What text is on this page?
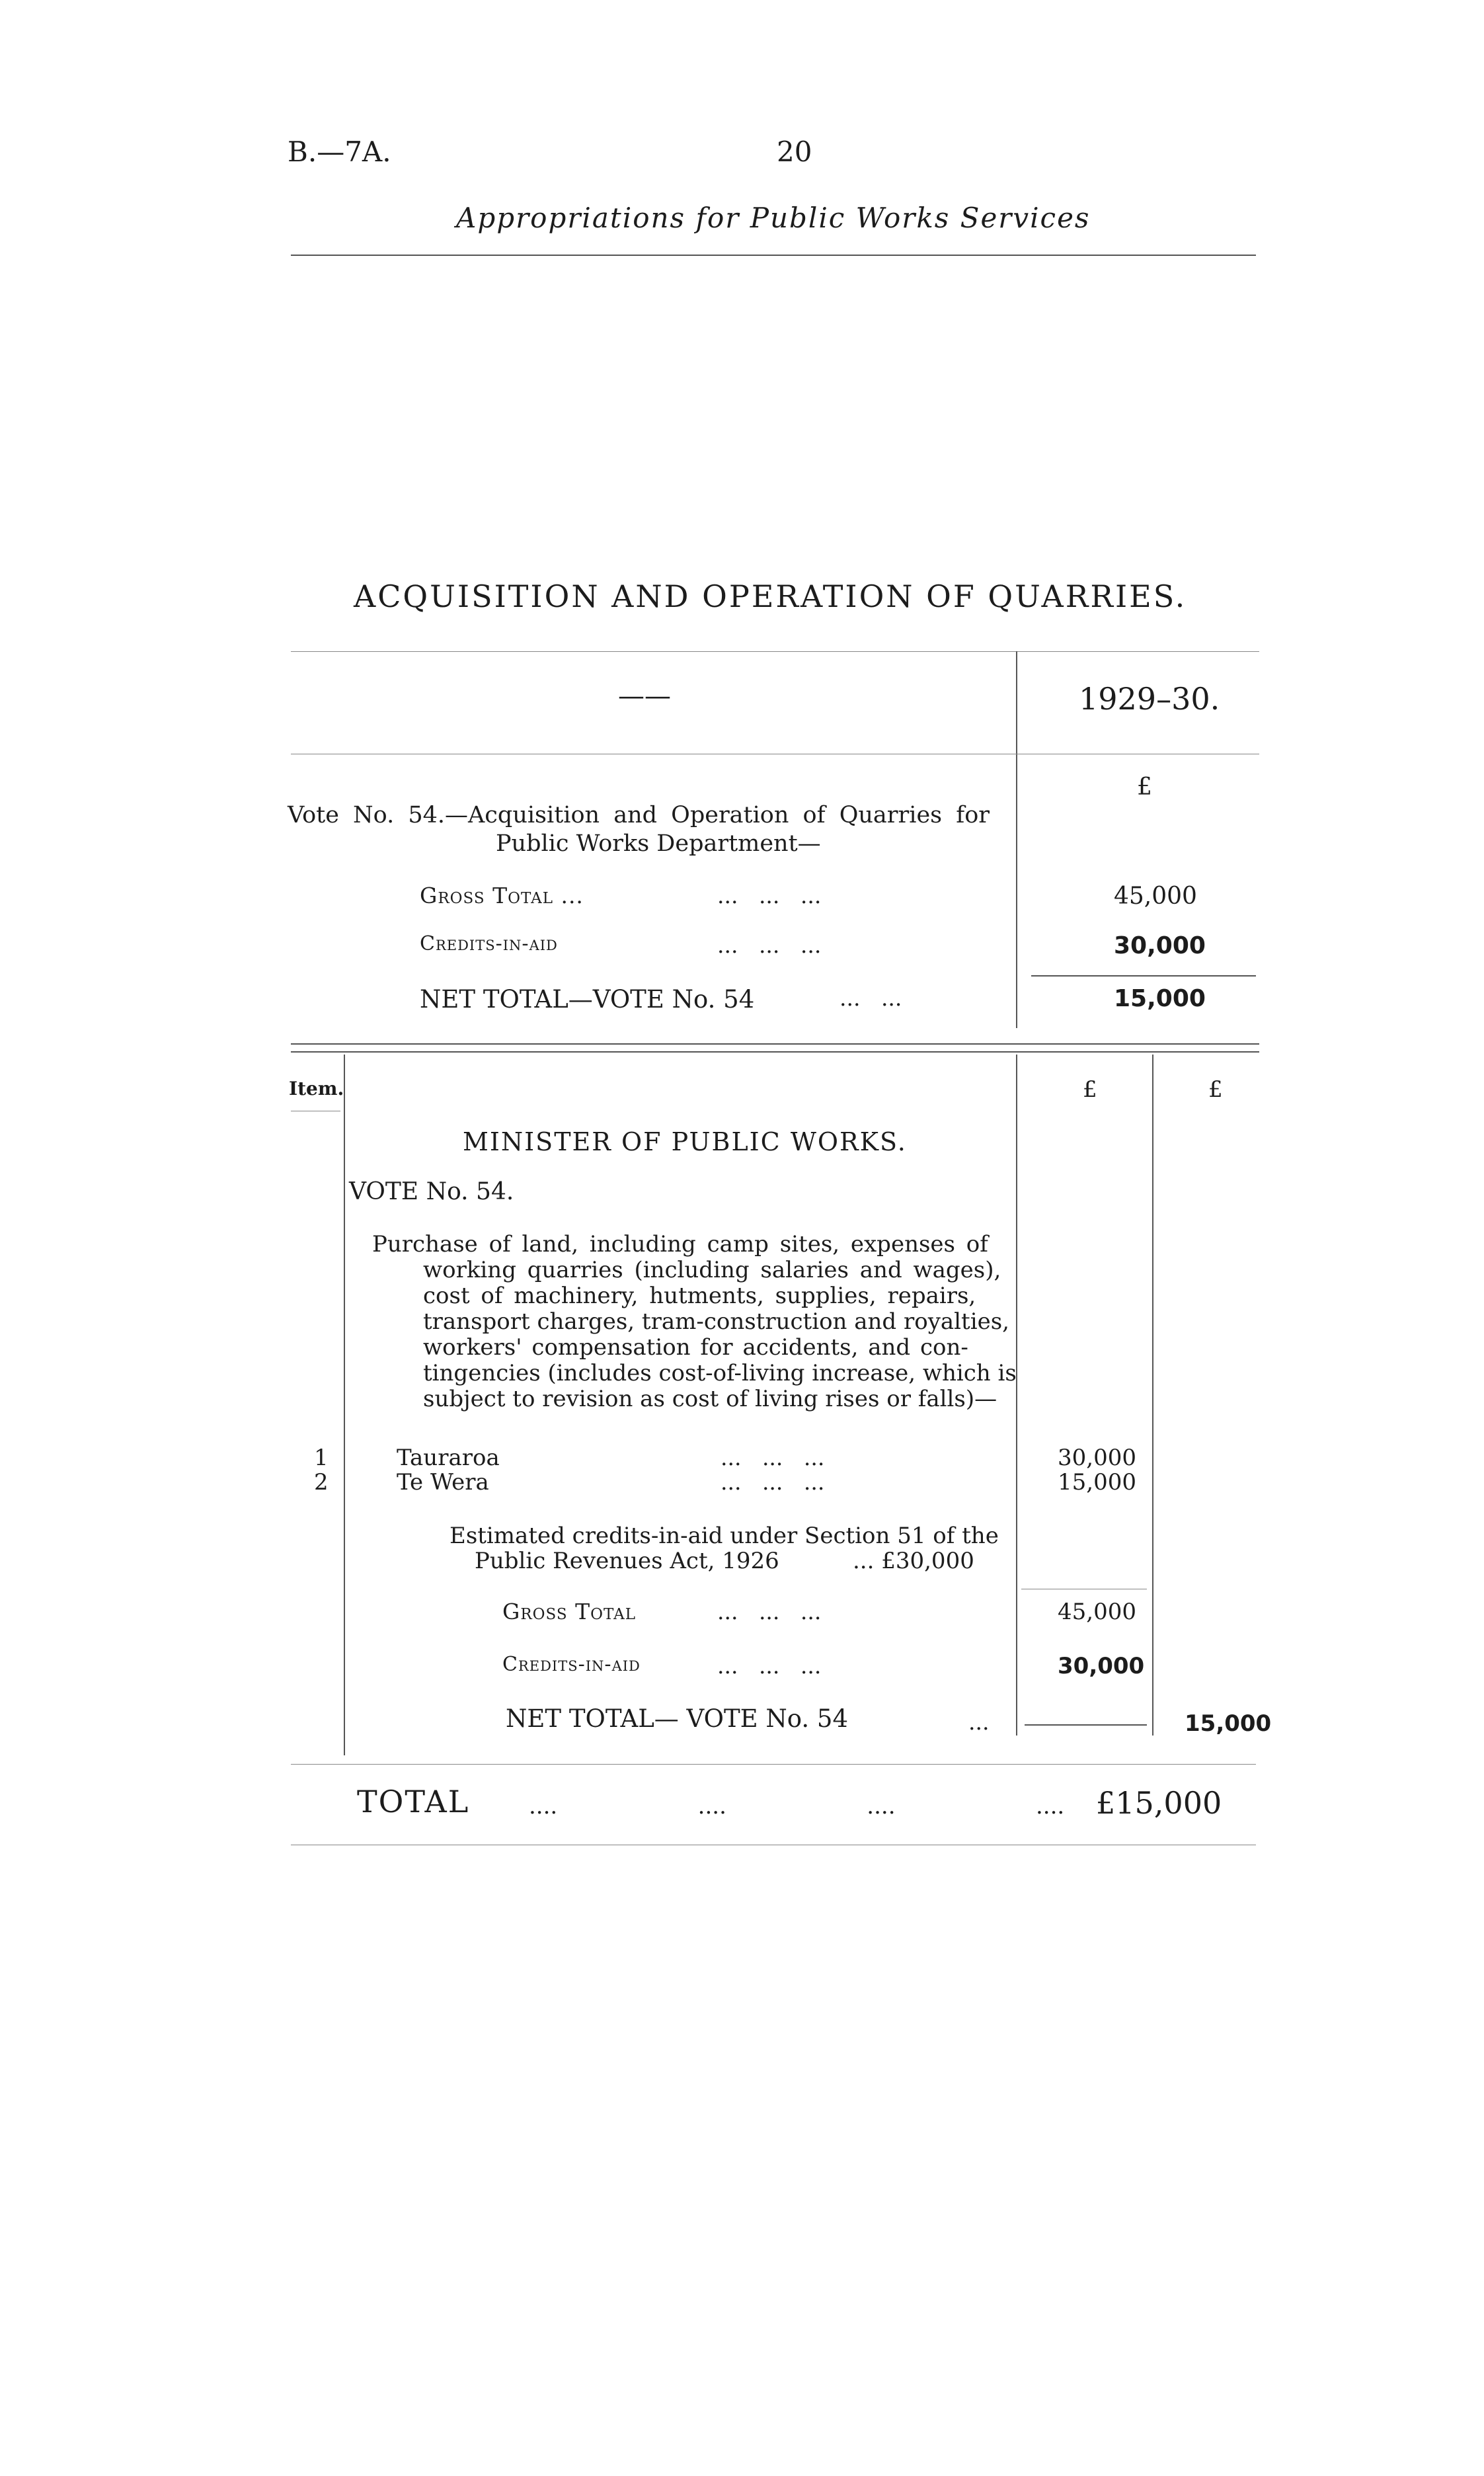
B.—7A.	20
Appropriations for Public Works Services
ACQUISITION AND OPERATION OF QUARRIES.
——	1929–30.
£
Vote No. 54.—Acquisition and Operation of Quarries for
Public Works Department—
Gross Total ...	...   ...   ...	45,000
Credits-in-aid	...   ...   ...	30,000
NET TOTAL—VOTE No. 54	...   ...	15,000
Item.	£	£
MINISTER OF PUBLIC WORKS.
VOTE No. 54.
Purchase of land, including camp sites, expenses of
working quarries (including salaries and wages),
cost of machinery, hutments, supplies, repairs,
transport charges, tram-construction and royalties,
workers' compensation for accidents, and con-
tingencies (includes cost-of-living increase, which is
subject to revision as cost of living rises or falls)—
1	Tauraroa	...   ...   ...	30,000
2	Te Wera	...   ...   ...	15,000
Estimated credits-in-aid under Section 51 of the
Public Revenues Act, 1926	... £30,000
Gross Total	...   ...   ...	45,000
Credits-in-aid	...   ...   ...	30,000
NET TOTAL— VOTE No. 54	...	15,000
TOTAL	....   ....   ....   .... £15,000
